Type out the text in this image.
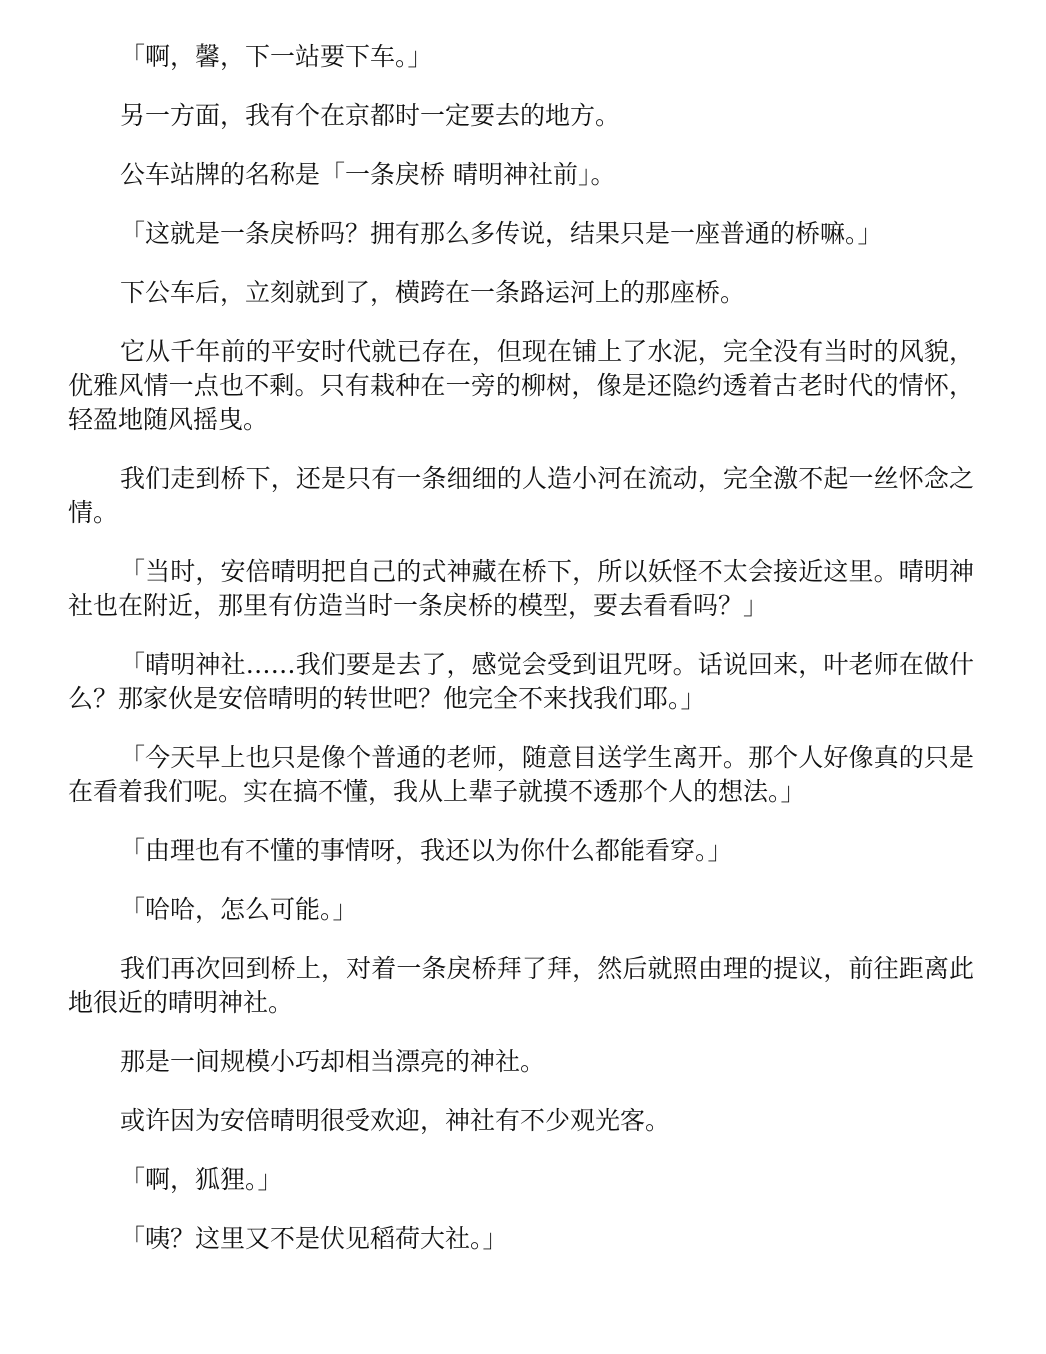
「啊，馨，下一站要下车。」

另一方面，我有个在京都时一定要去的地方。

公车站牌的名称是「一条戾桥 晴明神社前」。

「这就是一条戾桥吗？拥有那么多传说，结果只是一座普通的桥嘛。」

下公车后，立刻就到了，横跨在一条路运河上的那座桥。

它从千年前的平安时代就已存在，但现在铺上了水泥，完全没有当时的风貌，优雅风情一点也不剩。只有栽种在一旁的柳树，像是还隐约透着古老时代的情怀，轻盈地随风摇曳。

我们走到桥下，还是只有一条细细的人造小河在流动，完全激不起一丝怀念之情。

「当时，安倍晴明把自己的式神藏在桥下，所以妖怪不太会接近这里。晴明神社也在附近，那里有仿造当时一条戾桥的模型，要去看看吗？」

「晴明神社……我们要是去了，感觉会受到诅咒呀。话说回来，叶老师在做什么？那家伙是安倍晴明的转世吧？他完全不来找我们耶。」

「今天早上也只是像个普通的老师，随意目送学生离开。那个人好像真的只是在看着我们呢。实在搞不懂，我从上辈子就摸不透那个人的想法。」

「由理也有不懂的事情呀，我还以为你什么都能看穿。」

「哈哈，怎么可能。」

我们再次回到桥上，对着一条戾桥拜了拜，然后就照由理的提议，前往距离此地很近的晴明神社。

那是一间规模小巧却相当漂亮的神社。

或许因为安倍晴明很受欢迎，神社有不少观光客。

「啊，狐狸。」

「咦？这里又不是伏见稻荷大社。」
